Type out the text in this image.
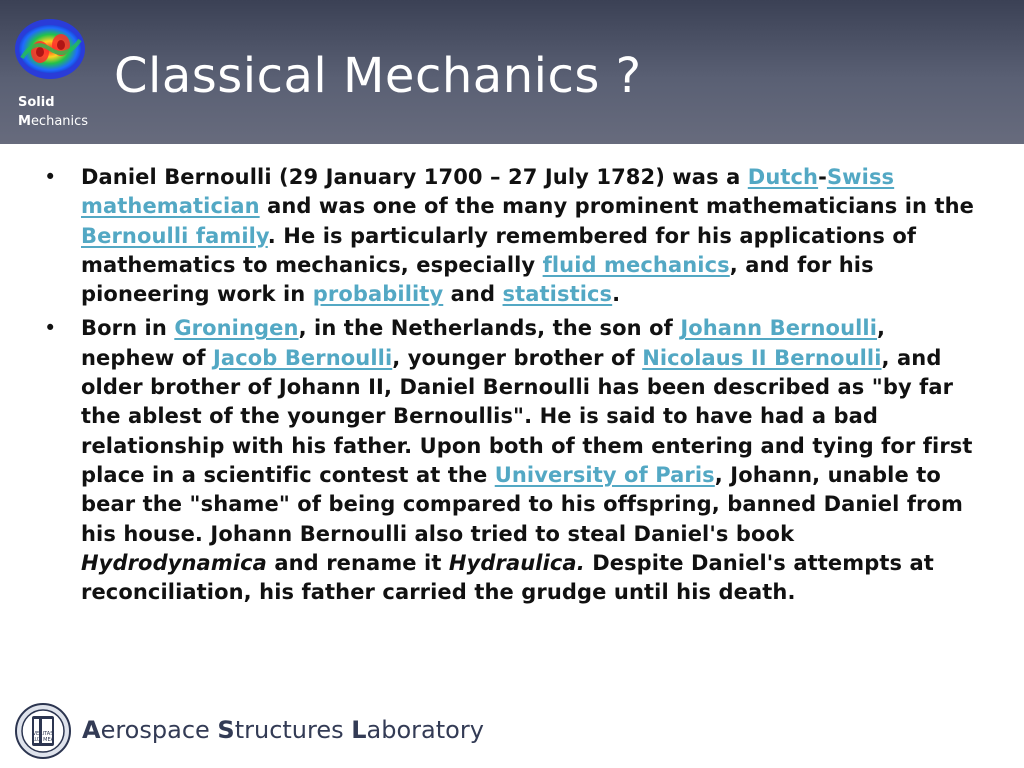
Solid
Mechanics
Classical Mechanics ?
• Daniel Bernoulli (29 January 1700 – 27 July 1782) was a Dutch-Swiss mathematician and was one of the many prominent mathematicians in the Bernoulli family. He is particularly remembered for his applications of mathematics to mechanics, especially fluid mechanics, and for his pioneering work in probability and statistics.
• Born in Groningen, in the Netherlands, the son of Johann Bernoulli, nephew of Jacob Bernoulli, younger brother of Nicolaus II Bernoulli, and older brother of Johann II, Daniel Bernoulli has been described as "by far the ablest of the younger Bernoullis". He is said to have had a bad relationship with his father. Upon both of them entering and tying for first place in a scientific contest at the University of Paris, Johann, unable to bear the "shame" of being compared to his offspring, banned Daniel from his house. Johann Bernoulli also tried to steal Daniel's book Hydrodynamica and rename it Hydraulica. Despite Daniel's attempts at reconciliation, his father carried the grudge until his death.
VERITAS
LUX MEA Aerospace Structures Laboratory
